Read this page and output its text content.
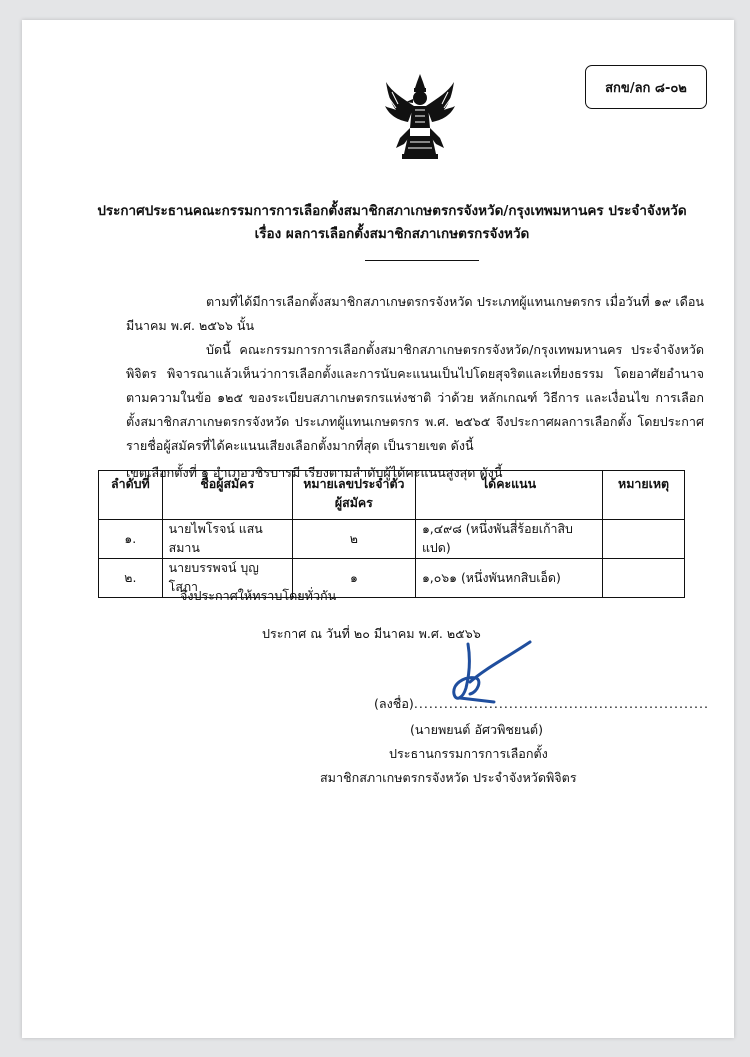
สกข/ลก ๘-๐๒
ประกาศประธานคณะกรรมการการเลือกตั้งสมาชิกสภาเกษตรกรจังหวัด/กรุงเทพมหานคร ประจำจังหวัด
เรื่อง ผลการเลือกตั้งสมาชิกสภาเกษตรกรจังหวัด
ตามที่ได้มีการเลือกตั้งสมาชิกสภาเกษตรกรจังหวัด ประเภทผู้แทนเกษตรกร เมื่อวันที่ ๑๙ เดือน มีนาคม พ.ศ. ๒๕๖๖ นั้น
บัดนี้ คณะกรรมการการเลือกตั้งสมาชิกสภาเกษตรกรจังหวัด/กรุงเทพมหานคร ประจำจังหวัด พิจิตร พิจารณาแล้วเห็นว่าการเลือกตั้งและการนับคะแนนเป็นไปโดยสุจริตและเที่ยงธรรม โดยอาศัยอำนาจตามความในข้อ ๑๒๕ ของระเบียบสภาเกษตรกรแห่งชาติ ว่าด้วย หลักเกณฑ์ วิธีการ และเงื่อนไข การเลือกตั้งสมาชิกสภาเกษตรกรจังหวัด ประเภทผู้แทนเกษตรกร พ.ศ. ๒๕๖๕ จึงประกาศผลการเลือกตั้ง โดยประกาศรายชื่อผู้สมัครที่ได้คะแนนเสียงเลือกตั้งมากที่สุด เป็นรายเขต ดังนี้
เขตเลือกตั้งที่ ๑ อำเภอวชิรบารมี เรียงตามลำดับผู้ได้คะแนนสูงสุด ดังนี้
ลำดับที่	ชื่อผู้สมัคร	หมายเลขประจำตัว ผู้สมัคร	ได้คะแนน	หมายเหตุ
๑.	นายไพโรจน์ แสนสมาน	๒	๑,๔๙๘ (หนึ่งพันสี่ร้อยเก้าสิบแปด)	
๒.	นายบรรพจน์ บุญโสภา	๑	๑,๐๖๑ (หนึ่งพันหกสิบเอ็ด)	
จึงประกาศให้ทราบโดยทั่วกัน
ประกาศ ณ วันที่ ๒๐ มีนาคม พ.ศ. ๒๕๖๖
(ลงชื่อ)...........................................................
(นายพยนต์ อัศวพิชยนต์)
ประธานกรรมการการเลือกตั้ง
สมาชิกสภาเกษตรกรจังหวัด ประจำจังหวัดพิจิตร
